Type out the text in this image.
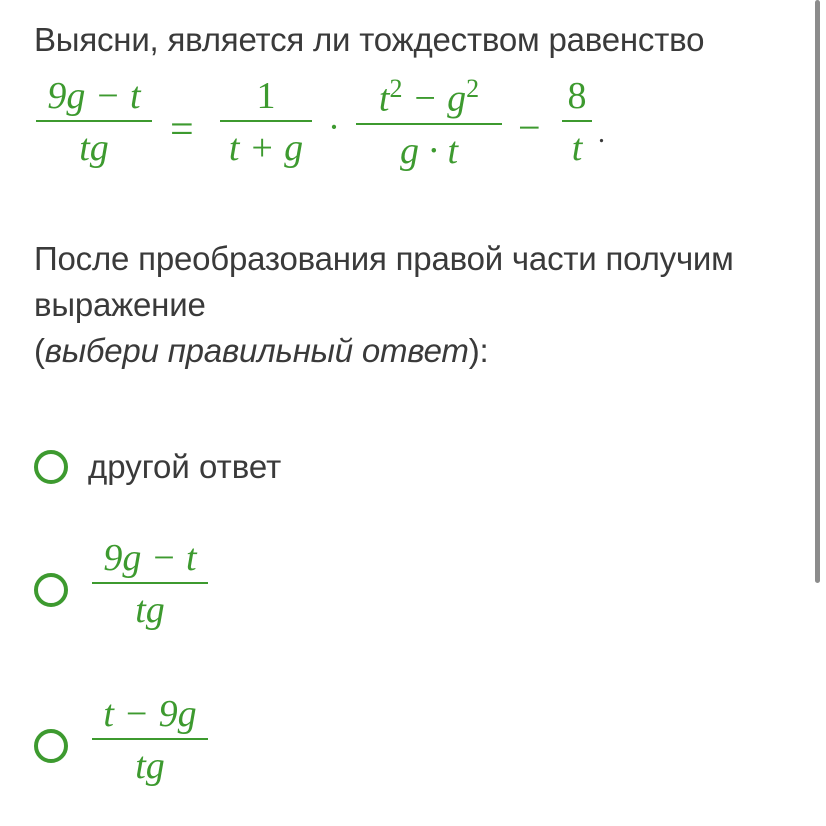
Выясни, является ли тождеством равенство
9g − t
tg	=
1
t + g ·
$t^2 - g^2$
g · t
−
8
t .
После преобразования правой части получим
выражение
(выбери правильный ответ):
другой ответ
9g − t
tg
t − 9g
tg
